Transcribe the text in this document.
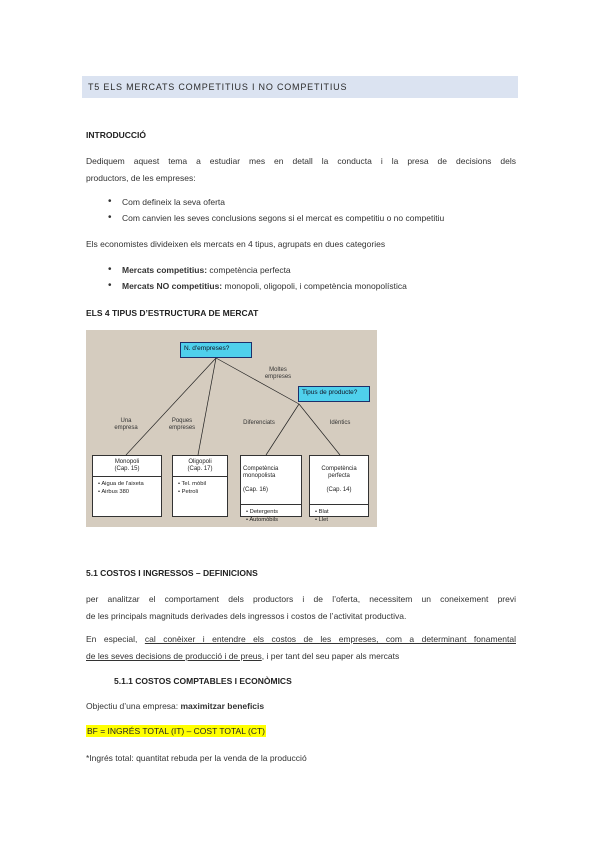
T5 ELS MERCATS COMPETITIUS I NO COMPETITIUS
INTRODUCCIÓ
Dediquem aquest tema a estudiar mes en detall la conducta i la presa de decisions dels
productors, de les empreses:
• Com defineix la seva oferta
• Com canvien les seves conclusions segons si el mercat es competitiu o no competitiu
Els economistes divideixen els mercats en 4 tipus, agrupats en dues categories
• Mercats competitius: competència perfecta
• Mercats NO competitius: monopoli, oligopoli, i competència monopolística
ELS 4 TIPUS D’ESTRUCTURA DE MERCAT
N. d'empreses?
Tipus de producte?
Una
empresa
Poques
empreses
Moltes
empreses
Diferenciats	Idèntics
Monopoli
(Cap. 15)
• Aigua de l'aixeta
• Airbus 380
Oligopoli
(Cap. 17)
• Tel. mòbil
• Petroli

Competència
monopolista

(Cap. 16)

• Detergents
• Automòbils

Competència
perfecta

(Cap. 14)

• Blat
• Llet
5.1 COSTOS I INGRESSOS – DEFINICIONS
per analitzar el comportament dels productors i de l’oferta, necessitem un coneixement previ
de les principals magnituds derivades dels ingressos i costos de l’activitat productiva.
En especial, cal conèixer i entendre els costos de les empreses, com a determinant fonamental
de les seves decisions de producció i de preus, i per tant del seu paper als mercats
5.1.1 COSTOS COMPTABLES I ECONÒMICS
Objectiu d’una empresa: maximitzar beneficis
BF = INGRÉS TOTAL (IT) – COST TOTAL (CT)
*Ingrés total: quantitat rebuda per la venda de la producció
